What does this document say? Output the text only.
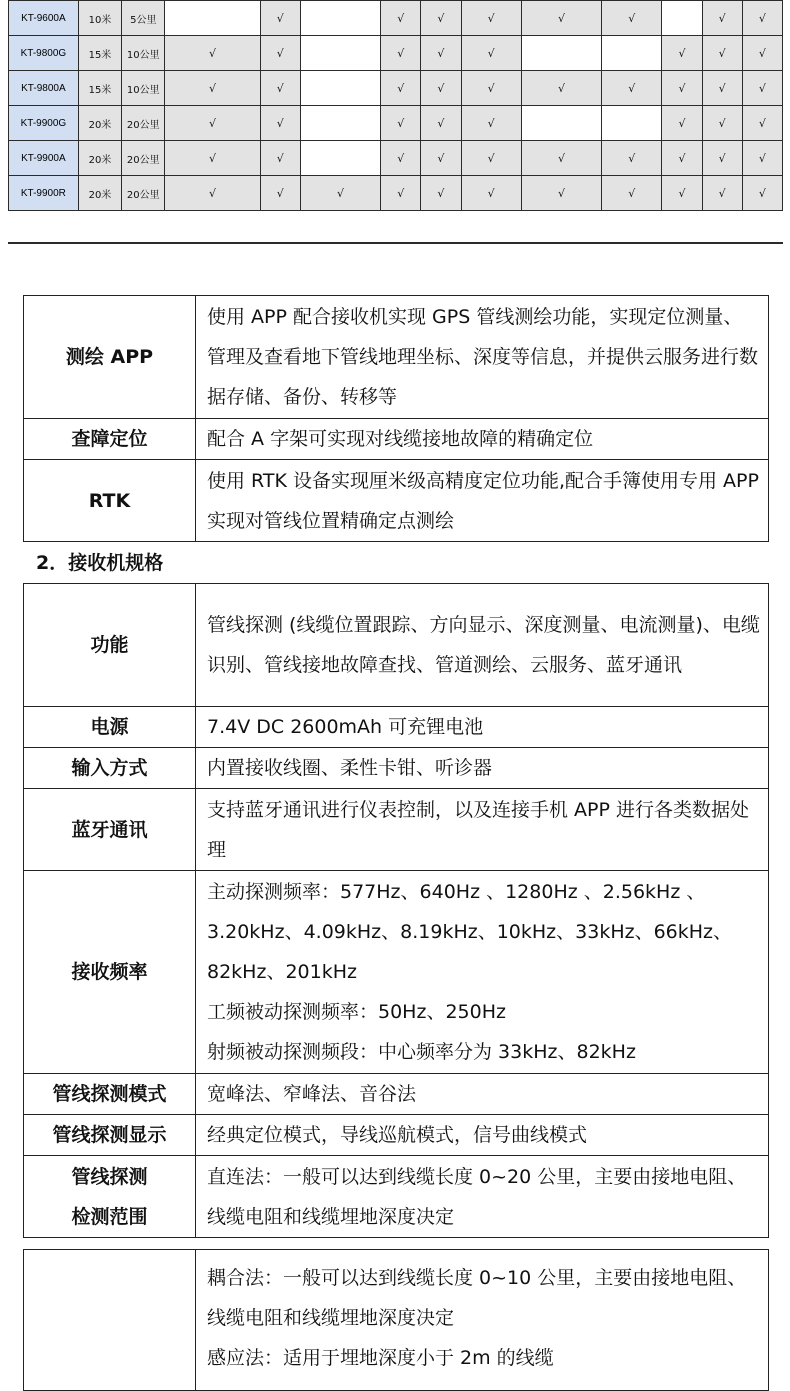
KT-9600A	10米	5公里		√		√	√	√	√	√		√	√
KT-9800G	15米	10公里	√	√		√	√	√			√	√	√
KT-9800A	15米	10公里	√	√		√	√	√	√	√	√	√	√
KT-9900G	20米	20公里	√	√		√	√	√			√	√	√
KT-9900A	20米	20公里	√	√		√	√	√	√	√	√	√	√
KT-9900R	20米	20公里	√	√	√	√	√	√	√	√	√	√	√
测绘 APP	使用 APP 配合接收机实现 GPS 管线测绘功能，实现定位测量、管理及查看地下管线地理坐标、深度等信息，并提供云服务进行数据存储、备份、转移等
查障定位	配合 A 字架可实现对线缆接地故障的精确定位
RTK	使用 RTK 设备实现厘米级高精度定位功能,配合手簿使用专用 APP 实现对管线位置精确定点测绘
2．接收机规格
功能	管线探测 (线缆位置跟踪、方向显示、深度测量、电流测量)、电缆识别、管线接地故障查找、管道测绘、云服务、蓝牙通讯
电源	7.4V DC 2600mAh 可充锂电池
输入方式	内置接收线圈、柔性卡钳、听诊器
蓝牙通讯	支持蓝牙通讯进行仪表控制，以及连接手机 APP 进行各类数据处理
接收频率	主动探测频率：577Hz、640Hz 、1280Hz 、2.56kHz 、3.20kHz、4.09kHz、8.19kHz、10kHz、33kHz、66kHz、82kHz、201kHz
工频被动探测频率：50Hz、250Hz
射频被动探测频段：中心频率分为 33kHz、82kHz

管线探测模式	宽峰法、窄峰法、音谷法
管线探测显示	经典定位模式，导线巡航模式，信号曲线模式

管线探测
检测范围	直连法：一般可以达到线缆长度 0~20 公里，主要由接地电阻、线缆电阻和线缆埋地深度决定

耦合法：一般可以达到线缆长度 0~10 公里，主要由接地电阻、线缆电阻和线缆埋地深度决定
感应法：适用于埋地深度小于 2m 的线缆
